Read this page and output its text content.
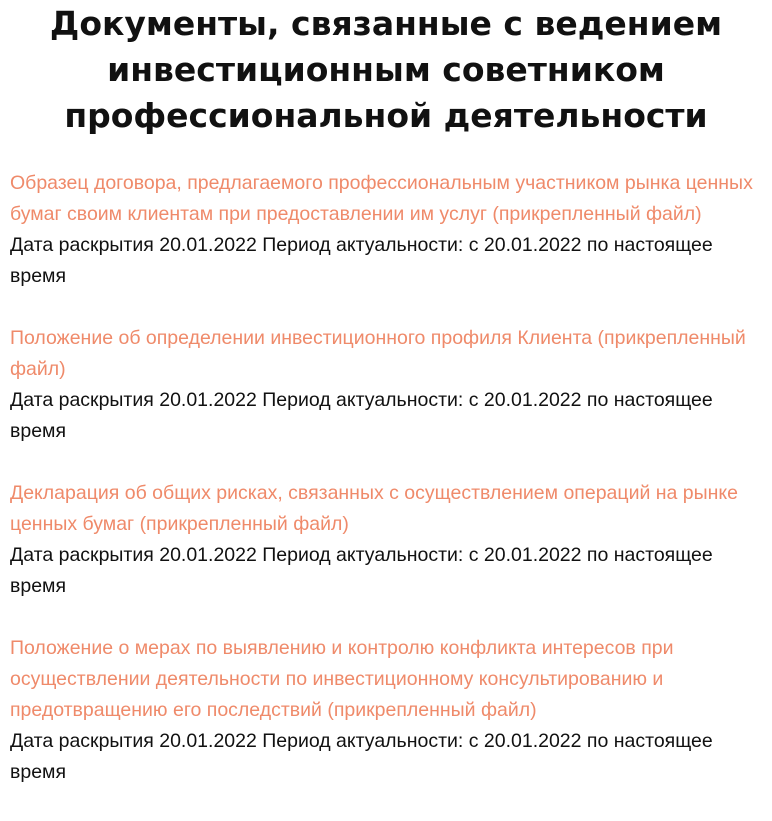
Документы, связанные с ведением
инвестиционным советником
профессиональной деятельности
Образец договора, предлагаемого профессиональным участником рынка ценных бумаг своим клиентам при предоставлении им услуг (прикрепленный файл)
Дата раскрытия 20.01.2022 Период актуальности: с 20.01.2022 по настоящее время
Положение об определении инвестиционного профиля Клиента (прикрепленный файл)
Дата раскрытия 20.01.2022 Период актуальности: с 20.01.2022 по настоящее время
Декларация об общих рисках, связанных с осуществлением операций на рынке ценных бумаг (прикрепленный файл)
Дата раскрытия 20.01.2022 Период актуальности: с 20.01.2022 по настоящее время
Положение о мерах по выявлению и контролю конфликта интересов при осуществлении деятельности по инвестиционному консультированию и предотвращению его последствий (прикрепленный файл)
Дата раскрытия 20.01.2022 Период актуальности: с 20.01.2022 по настоящее время
